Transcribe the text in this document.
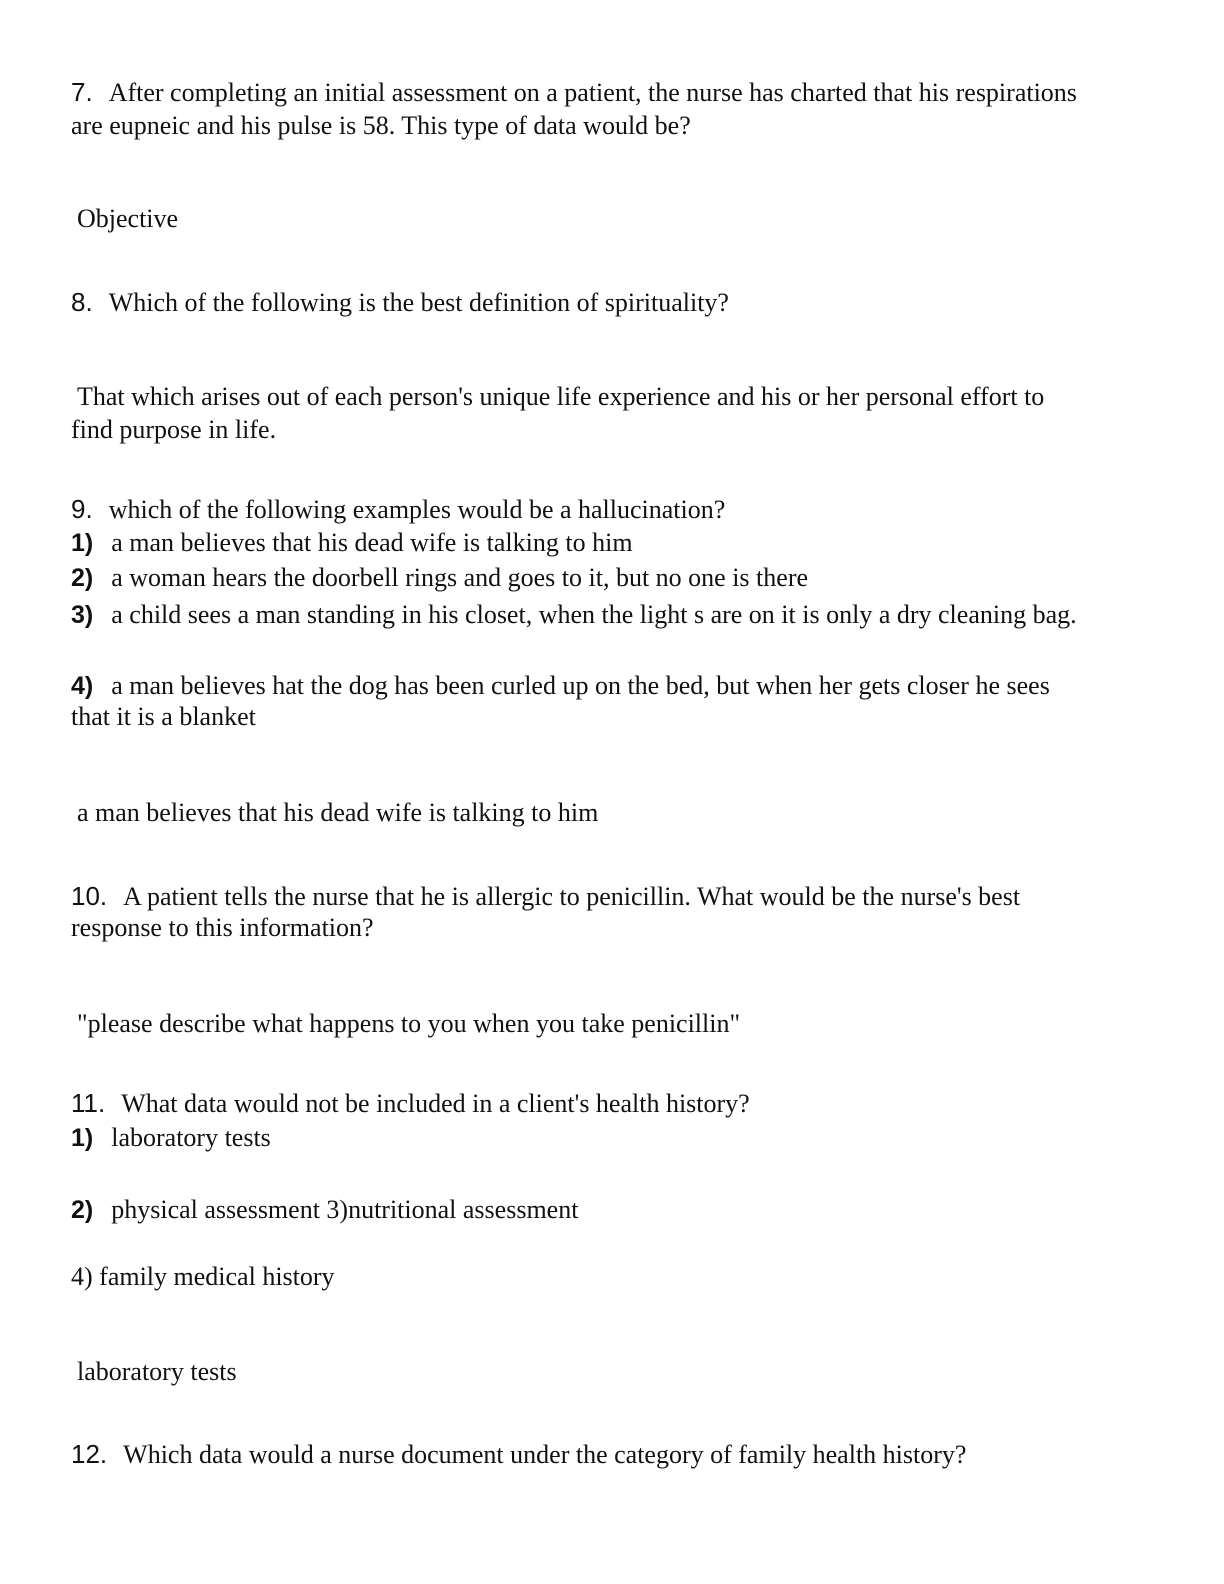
7. After completing an initial assessment on a patient, the nurse has charted that his respirations
are eupneic and his pulse is 58. This type of data would be?
Objective
8. Which of the following is the best definition of spirituality?
That which arises out of each person's unique life experience and his or her personal effort to
find purpose in life.
9. which of the following examples would be a hallucination?
1) a man believes that his dead wife is talking to him
2) a woman hears the doorbell rings and goes to it, but no one is there
3) a child sees a man standing in his closet, when the light s are on it is only a dry cleaning bag.
4) a man believes hat the dog has been curled up on the bed, but when her gets closer he sees
that it is a blanket
a man believes that his dead wife is talking to him
10. A patient tells the nurse that he is allergic to penicillin. What would be the nurse's best
response to this information?
"please describe what happens to you when you take penicillin"
11. What data would not be included in a client's health history?
1) laboratory tests
2) physical assessment 3)nutritional assessment
4) family medical history
laboratory tests
12. Which data would a nurse document under the category of family health history?
